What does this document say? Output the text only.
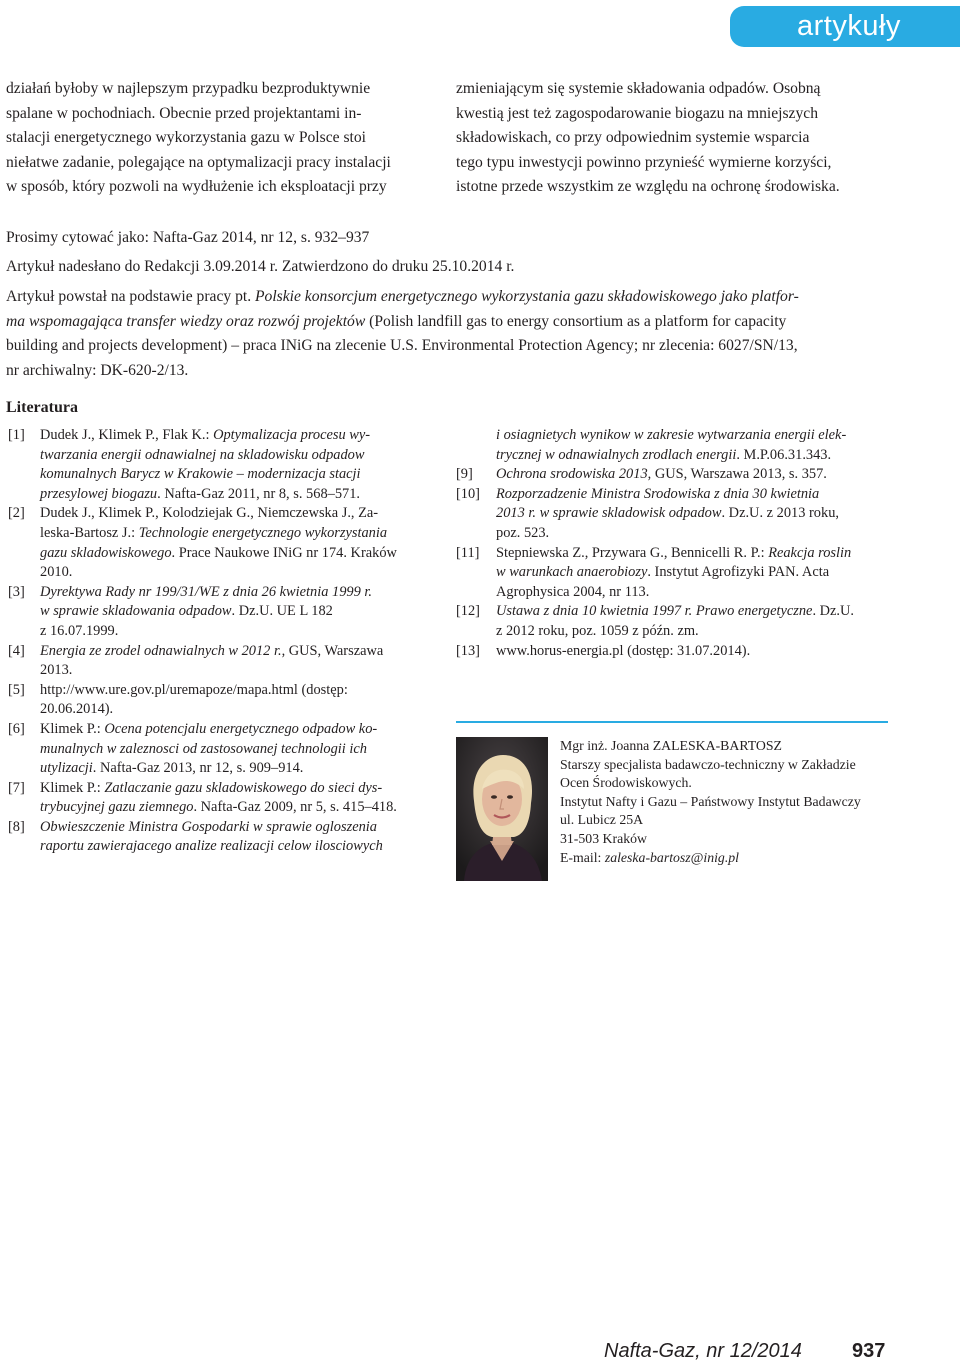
artykuły
działań byłoby w najlepszym przypadku bezproduktywnie
spalane w pochodniach. Obecnie przed projektantami in-
stalacji energetycznego wykorzystania gazu w Polsce stoi
niełatwe zadanie, polegające na optymalizacji pracy instalacji
w sposób, który pozwoli na wydłużenie ich eksploatacji przy
zmieniającym się systemie składowania odpadów. Osobną
kwestią jest też zagospodarowanie biogazu na mniejszych
składowiskach, co przy odpowiednim systemie wsparcia
tego typu inwestycji powinno przynieść wymierne korzyści,
istotne przede wszystkim ze względu na ochronę środowiska.
Prosimy cytować jako: Nafta-Gaz 2014, nr 12, s. 932–937
Artykuł nadesłano do Redakcji 3.09.2014 r. Zatwierdzono do druku 25.10.2014 r.
Artykuł powstał na podstawie pracy pt. Polskie konsorcjum energetycznego wykorzystania gazu składowiskowego jako platfor-
ma wspomagająca transfer wiedzy oraz rozwój projektów (Polish landfill gas to energy consortium as a platform for capacity
building and projects development) – praca INiG na zlecenie U.S. Environmental Protection Agency; nr zlecenia: 6027/SN/13,
nr archiwalny: DK-620-2/13.
Literatura
[1] Dudek J., Klimek P., Flak K.: Optymalizacja procesu wy-
twarzania energii odnawialnej na skladowisku odpadow
komunalnych Barycz w Krakowie – modernizacja stacji
przesylowej biogazu. Nafta-Gaz 2011, nr 8, s. 568–571.
[2] Dudek J., Klimek P., Kolodziejak G., Niemczewska J., Za-
leska-Bartosz J.: Technologie energetycznego wykorzystania
gazu skladowiskowego. Prace Naukowe INiG nr 174. Kraków
2010.
[3] Dyrektywa Rady nr 199/31/WE z dnia 26 kwietnia 1999 r.
w sprawie skladowania odpadow. Dz.U. UE L 182
z 16.07.1999.
[4] Energia ze zrodel odnawialnych w 2012 r., GUS, Warszawa
2013.
[5] http://www.ure.gov.pl/uremapoze/mapa.html (dostęp:
20.06.2014).
[6] Klimek P.: Ocena potencjalu energetycznego odpadow ko-
munalnych w zaleznosci od zastosowanej technologii ich
utylizacji. Nafta-Gaz 2013, nr 12, s. 909–914.
[7] Klimek P.: Zatlaczanie gazu skladowiskowego do sieci dys-
trybucyjnej gazu ziemnego. Nafta-Gaz 2009, nr 5, s. 415–418.
[8] Obwieszczenie Ministra Gospodarki w sprawie ogloszenia
raportu zawierajacego analize realizacji celow ilosciowych
i osiagnietych wynikow w zakresie wytwarzania energii elek-trycznej w odnawialnych zrodlach energii. M.P.06.31.343.
[9] Ochrona srodowiska 2013, GUS, Warszawa 2013, s. 357.
[10] Rozporzadzenie Ministra Srodowiska z dnia 30 kwietnia
2013 r. w sprawie skladowisk odpadow. Dz.U. z 2013 roku,
poz. 523.
[11] Stepniewska Z., Przywara G., Bennicelli R. P.: Reakcja roslin
w warunkach anaerobiozy. Instytut Agrofizyki PAN. Acta
Agrophysica 2004, nr 113.
[12] Ustawa z dnia 10 kwietnia 1997 r. Prawo energetyczne. Dz.U.
z 2012 roku, poz. 1059 z późn. zm.
[13] www.horus-energia.pl (dostęp: 31.07.2014).
Mgr inż. Joanna ZALESKA-BARTOSZ
Starszy specjalista badawczo-techniczny w Zakładzie
Ocen Środowiskowych.
Instytut Nafty i Gazu – Państwowy Instytut Badawczy
ul. Lubicz 25A
31-503 Kraków
E-mail: zaleska-bartosz@inig.pl
Nafta-Gaz, nr 12/2014	937
